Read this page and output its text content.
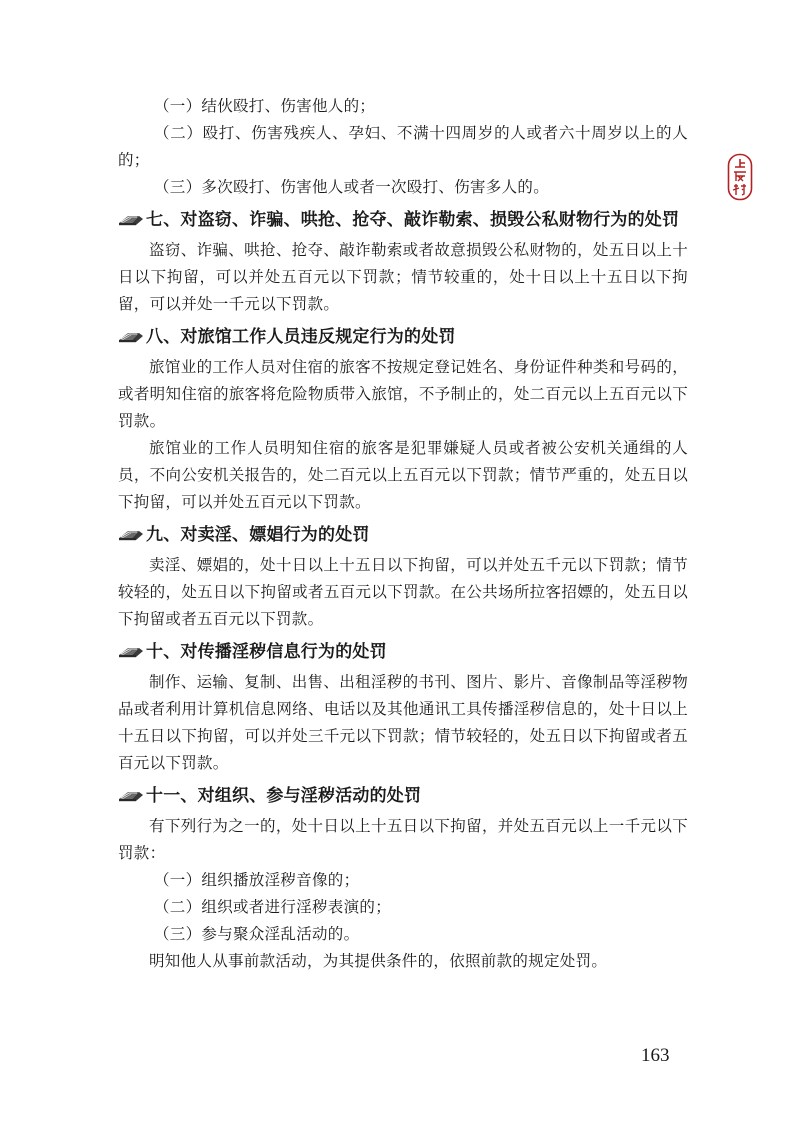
（一）结伙殴打、伤害他人的；

（二）殴打、伤害残疾人、孕妇、不满十四周岁的人或者六十周岁以上的人的；

（三）多次殴打、伤害他人或者一次殴打、伤害多人的。

七、对盗窃、诈骗、哄抢、抢夺、敲诈勒索、损毁公私财物行为的处罚

盗窃、诈骗、哄抢、抢夺、敲诈勒索或者故意损毁公私财物的，处五日以上十日以下拘留，可以并处五百元以下罚款；情节较重的，处十日以上十五日以下拘留，可以并处一千元以下罚款。

八、对旅馆工作人员违反规定行为的处罚

旅馆业的工作人员对住宿的旅客不按规定登记姓名、身份证件种类和号码的，或者明知住宿的旅客将危险物质带入旅馆，不予制止的，处二百元以上五百元以下罚款。

旅馆业的工作人员明知住宿的旅客是犯罪嫌疑人员或者被公安机关通缉的人员，不向公安机关报告的，处二百元以上五百元以下罚款；情节严重的，处五日以下拘留，可以并处五百元以下罚款。

九、对卖淫、嫖娼行为的处罚

卖淫、嫖娼的，处十日以上十五日以下拘留，可以并处五千元以下罚款；情节较轻的，处五日以下拘留或者五百元以下罚款。在公共场所拉客招嫖的，处五日以下拘留或者五百元以下罚款。

十、对传播淫秽信息行为的处罚

制作、运输、复制、出售、出租淫秽的书刊、图片、影片、音像制品等淫秽物品或者利用计算机信息网络、电话以及其他通讯工具传播淫秽信息的，处十日以上十五日以下拘留，可以并处三千元以下罚款；情节较轻的，处五日以下拘留或者五百元以下罚款。

十一、对组织、参与淫秽活动的处罚

有下列行为之一的，处十日以上十五日以下拘留，并处五百元以上一千元以下罚款：

（一）组织播放淫秽音像的；

（二）组织或者进行淫秽表演的；

（三）参与聚众淫乱活动的。

明知他人从事前款活动，为其提供条件的，依照前款的规定处罚。

163
